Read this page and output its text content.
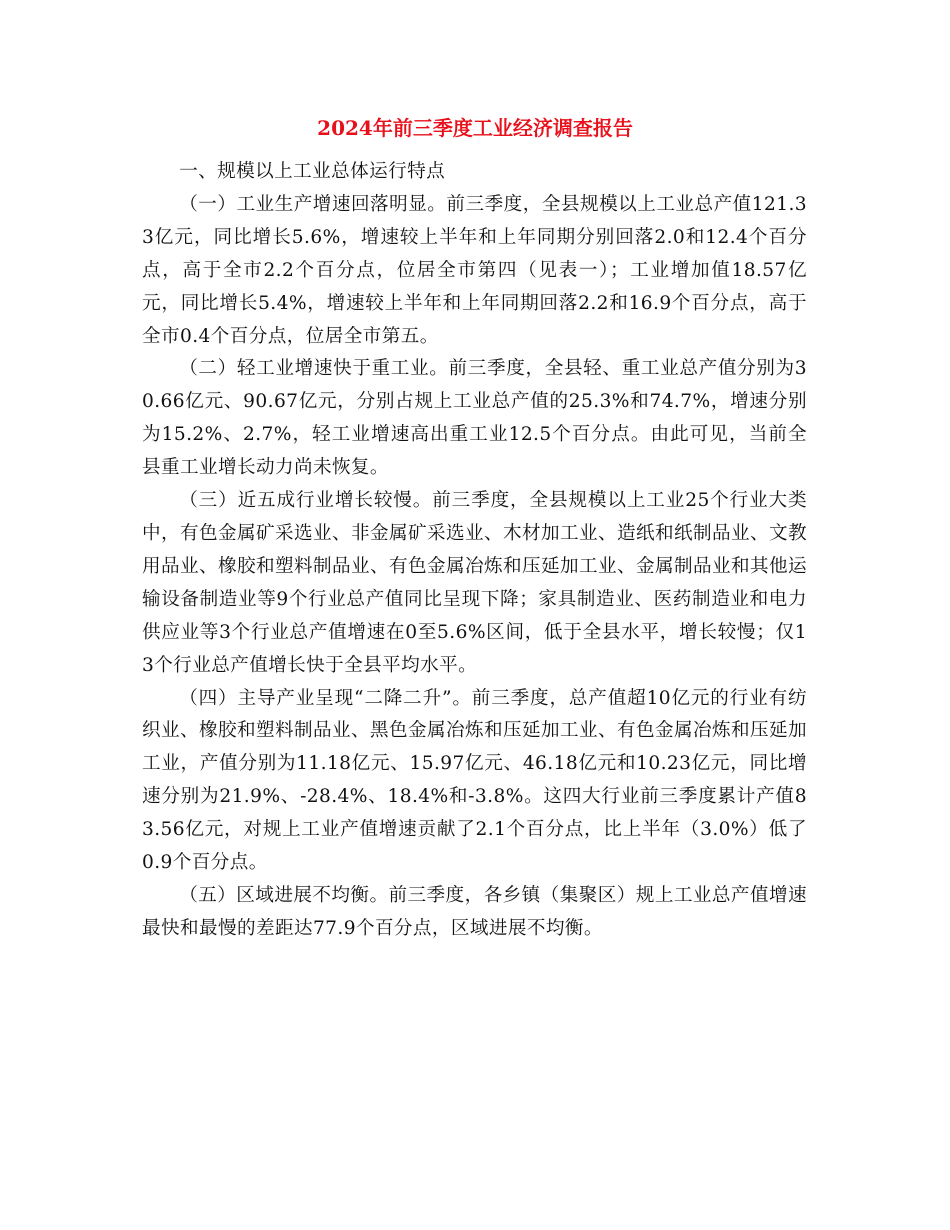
2024年前三季度工业经济调查报告

一、规模以上工业总体运行特点

（一）工业生产增速回落明显。前三季度，全县规模以上工业总产值121.33亿元，同比增长5.6%，增速较上半年和上年同期分别回落2.0和12.4个百分点，高于全市2.2个百分点，位居全市第四（见表一）；工业增加值18.57亿元，同比增长5.4%，增速较上半年和上年同期回落2.2和16.9个百分点，高于全市0.4个百分点，位居全市第五。

（二）轻工业增速快于重工业。前三季度，全县轻、重工业总产值分别为30.66亿元、90.67亿元，分别占规上工业总产值的25.3%和74.7%，增速分别为15.2%、2.7%，轻工业增速高出重工业12.5个百分点。由此可见，当前全县重工业增长动力尚未恢复。

（三）近五成行业增长较慢。前三季度，全县规模以上工业25个行业大类中，有色金属矿采选业、非金属矿采选业、木材加工业、造纸和纸制品业、文教用品业、橡胶和塑料制品业、有色金属冶炼和压延加工业、金属制品业和其他运输设备制造业等9个行业总产值同比呈现下降；家具制造业、医药制造业和电力供应业等3个行业总产值增速在0至5.6%区间，低于全县水平，增长较慢；仅13个行业总产值增长快于全县平均水平。

（四）主导产业呈现“二降二升”。前三季度，总产值超10亿元的行业有纺织业、橡胶和塑料制品业、黑色金属冶炼和压延加工业、有色金属冶炼和压延加工业，产值分别为11.18亿元、15.97亿元、46.18亿元和10.23亿元，同比增速分别为21.9%、-28.4%、18.4%和-3.8%。这四大行业前三季度累计产值83.56亿元，对规上工业产值增速贡献了2.1个百分点，比上半年（3.0%）低了0.9个百分点。

（五）区域进展不均衡。前三季度，各乡镇（集聚区）规上工业总产值增速最快和最慢的差距达77.9个百分点，区域进展不均衡。
